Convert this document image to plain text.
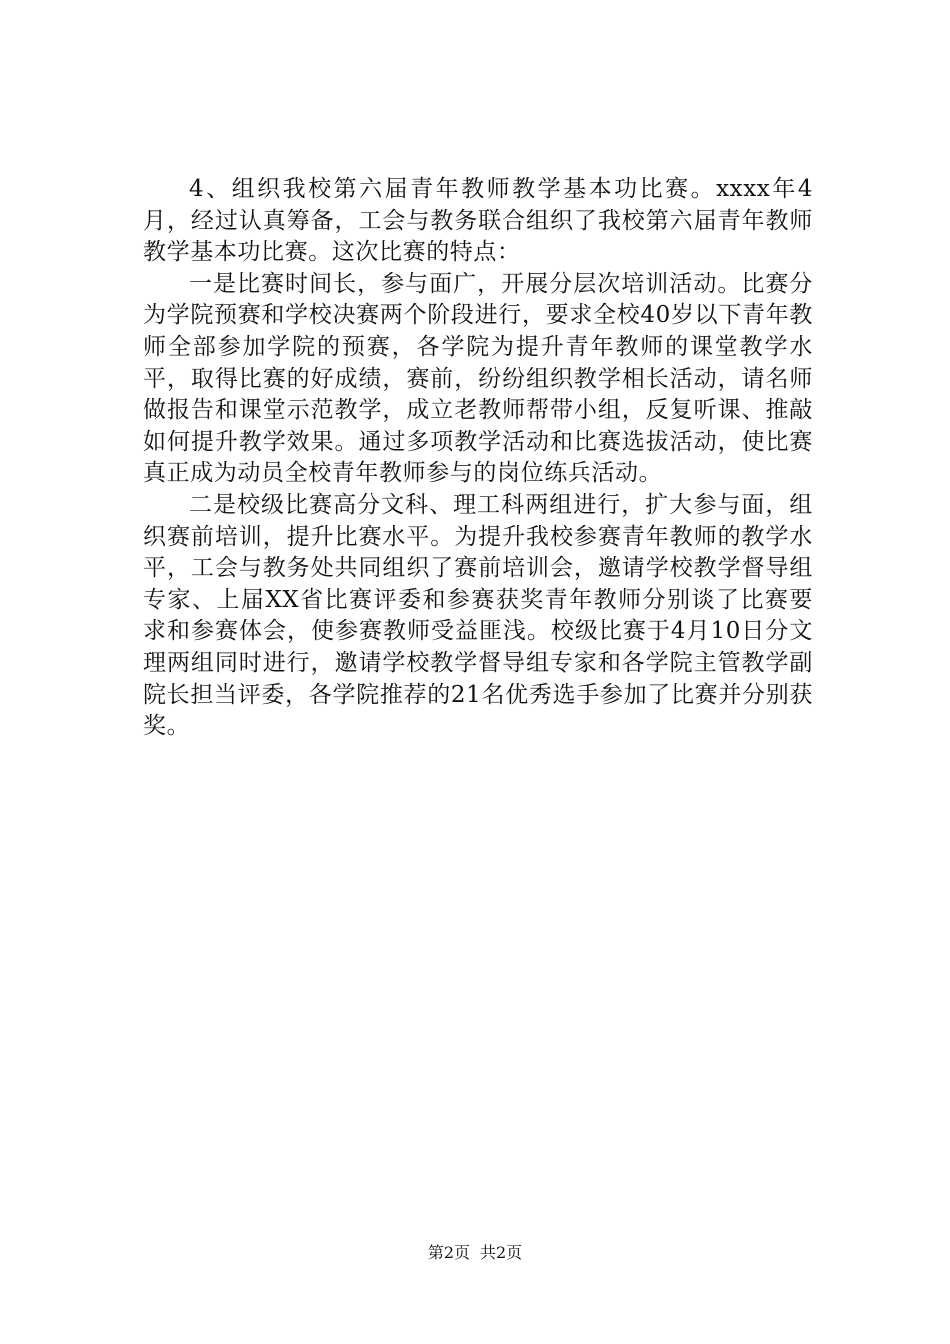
4、组织我校第六届青年教师教学基本功比赛。xxxx年4月，经过认真筹备，工会与教务联合组织了我校第六届青年教师教学基本功比赛。这次比赛的特点：

一是比赛时间长，参与面广，开展分层次培训活动。比赛分为学院预赛和学校决赛两个阶段进行，要求全校40岁以下青年教师全部参加学院的预赛，各学院为提升青年教师的课堂教学水平，取得比赛的好成绩，赛前，纷纷组织教学相长活动，请名师做报告和课堂示范教学，成立老教师帮带小组，反复听课、推敲如何提升教学效果。通过多项教学活动和比赛选拔活动，使比赛真正成为动员全校青年教师参与的岗位练兵活动。

二是校级比赛高分文科、理工科两组进行，扩大参与面，组织赛前培训，提升比赛水平。为提升我校参赛青年教师的教学水平，工会与教务处共同组织了赛前培训会，邀请学校教学督导组专家、上届XX省比赛评委和参赛获奖青年教师分别谈了比赛要求和参赛体会，使参赛教师受益匪浅。校级比赛于4月10日分文理两组同时进行，邀请学校教学督导组专家和各学院主管教学副院长担当评委，各学院推荐的21名优秀选手参加了比赛并分别获奖。

第2页 共2页
